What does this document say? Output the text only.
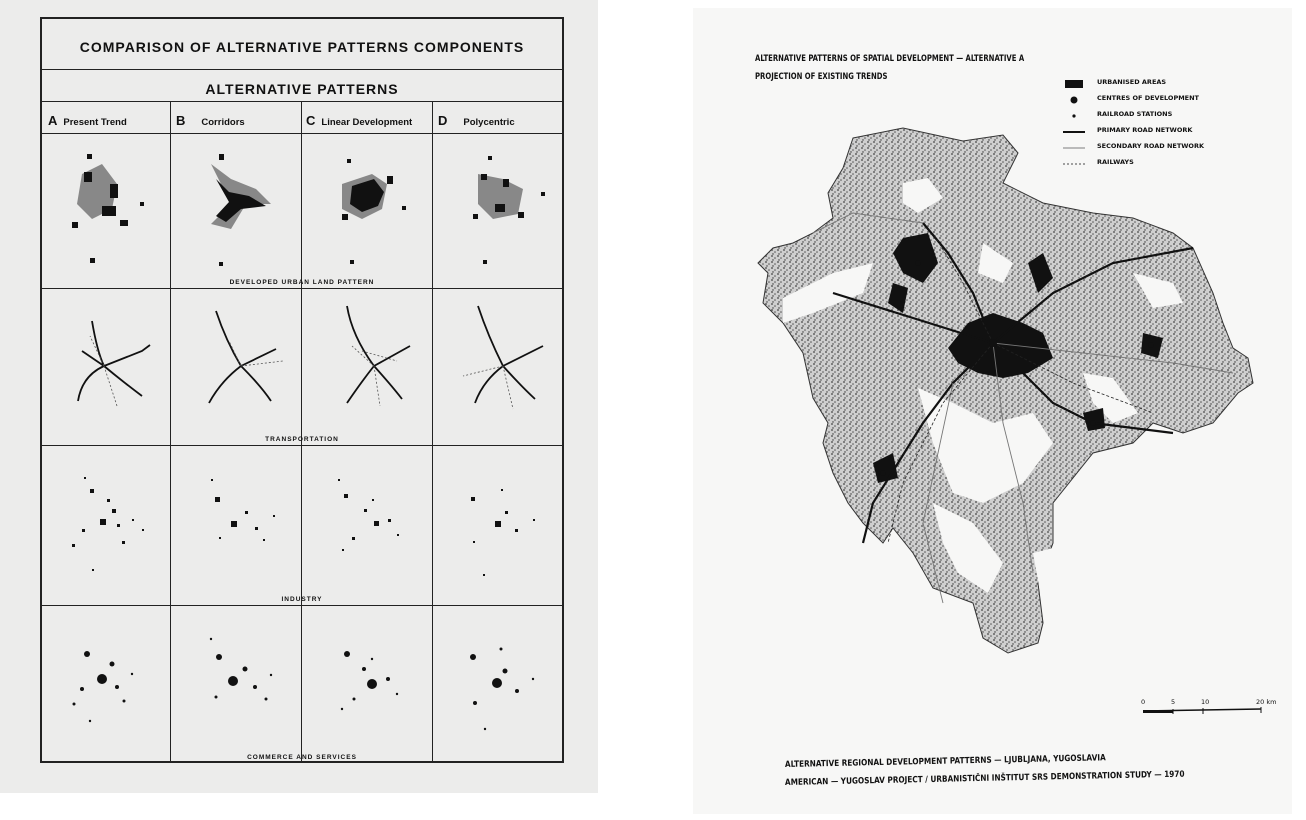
COMPARISON OF ALTERNATIVE PATTERNS COMPONENTS
ALTERNATIVE PATTERNS
A Present Trend	B Corridors	C Linear Development D Polycentric
DEVELOPED URBAN LAND PATTERN
TRANSPORTATION
INDUSTRY
COMMERCE AND SERVICES
ALTERNATIVE PATTERNS OF SPATIAL DEVELOPMENT — ALTERNATIVE A
PROJECTION OF EXISTING TRENDS	URBANISED AREAS
CENTRES OF DEVELOPMENT
RAILROAD STATIONS
PRIMARY ROAD NETWORK
SECONDARY ROAD NETWORK
RAILWAYS
0	5	10	20 km
ALTERNATIVE REGIONAL DEVELOPMENT PATTERNS — LJUBLJANA, YUGOSLAVIA
AMERICAN — YUGOSLAV PROJECT / URBANISTIČNI INŠTITUT SRS DEMONSTRATION STUDY — 1970
